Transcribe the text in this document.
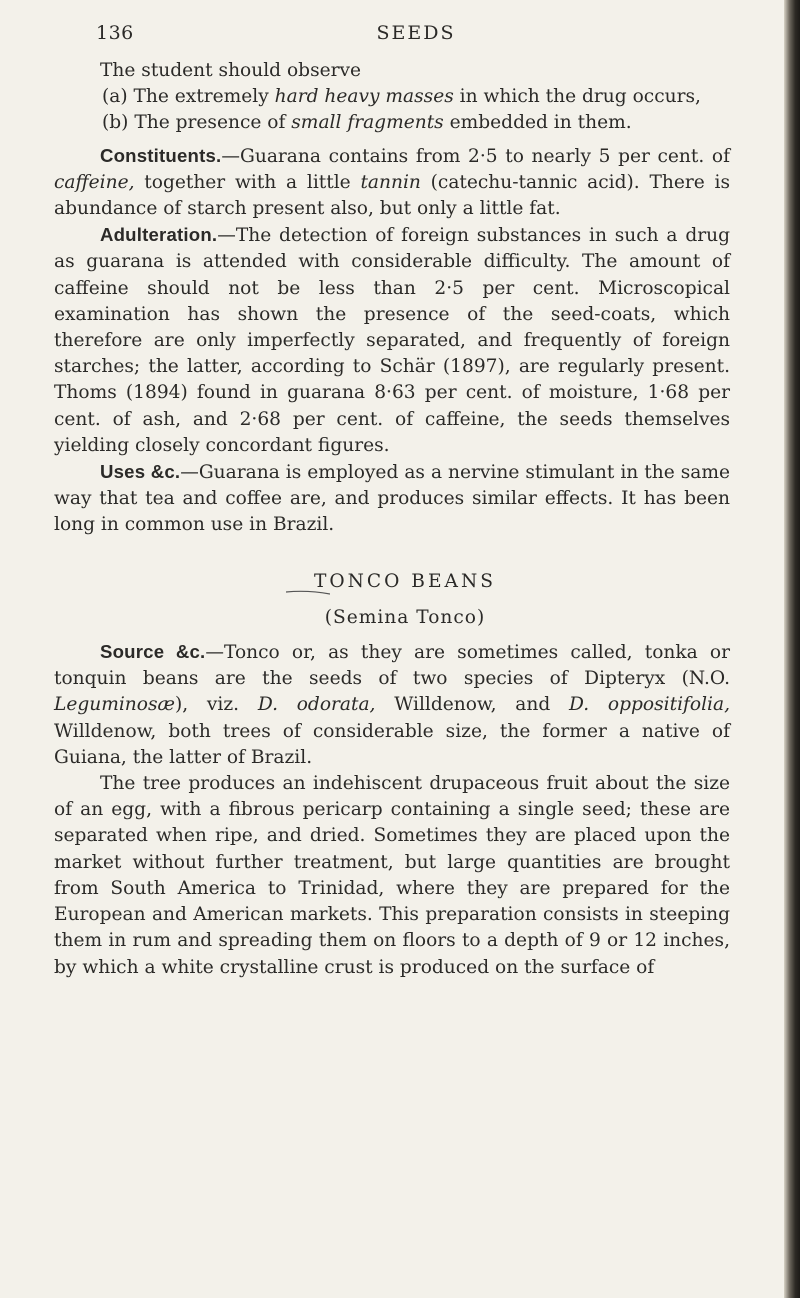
136	SEEDS

The student should observe

(a) The extremely hard heavy masses in which the drug occurs,

(b) The presence of small fragments embedded in them.

Constituents.—Guarana contains from 2·5 to nearly 5 per cent. of caffeine, together with a little tannin (catechu-tannic acid). There is abundance of starch present also, but only a little fat.

Adulteration.—The detection of foreign substances in such a drug as guarana is attended with considerable difficulty. The amount of caffeine should not be less than 2·5 per cent. Microscopical examination has shown the presence of the seed-coats, which therefore are only imperfectly separated, and frequently of foreign starches; the latter, according to Schär (1897), are regularly present. Thoms (1894) found in guarana 8·63 per cent. of moisture, 1·68 per cent. of ash, and 2·68 per cent. of caffeine, the seeds themselves yielding closely concordant figures.

Uses &c.—Guarana is employed as a nervine stimulant in the same way that tea and coffee are, and produces similar effects. It has been long in common use in Brazil.

TONCO BEANS
(Semina Tonco)

Source &c.—Tonco or, as they are sometimes called, tonka or tonquin beans are the seeds of two species of Dipteryx (N.O. Leguminosæ), viz. D. odorata, Willdenow, and D. oppositifolia, Willdenow, both trees of considerable size, the former a native of Guiana, the latter of Brazil.

The tree produces an indehiscent drupaceous fruit about the size of an egg, with a fibrous pericarp containing a single seed; these are separated when ripe, and dried. Sometimes they are placed upon the market without further treatment, but large quantities are brought from South America to Trinidad, where they are prepared for the European and American markets. This preparation consists in steeping them in rum and spreading them on floors to a depth of 9 or 12 inches, by which a white crystalline crust is produced on the surface of
